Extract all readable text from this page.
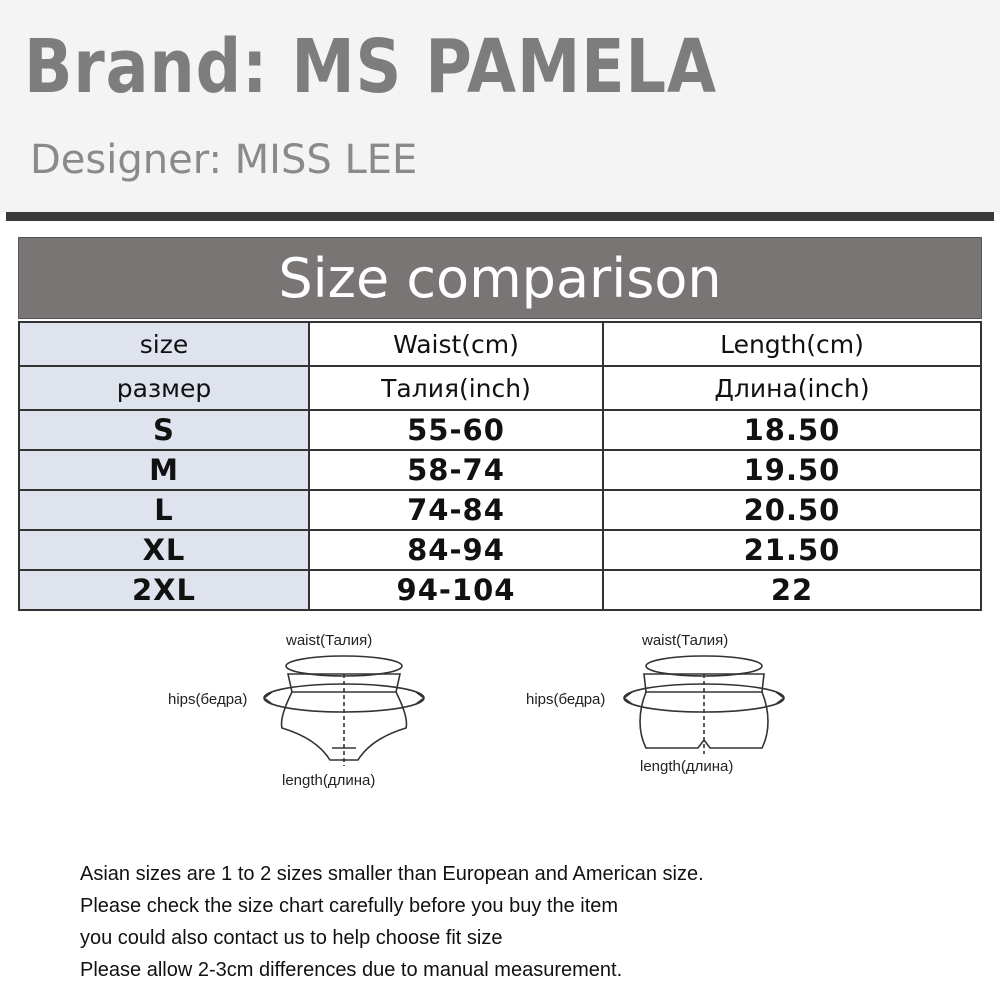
Brand: MS PAMELA
Designer: MISS LEE
Size comparison
size	Waist(cm)	Length(cm)
размер	Талия(inch)	Длина(inch)
S	55-60	18.50
M	58-74	19.50
L	74-84	20.50
XL	84-94	21.50
2XL	94-104	22
waist(Талия)
hips(бедра)
length(длина)
waist(Талия)
hips(бедра)
length(длина)
Asian sizes are 1 to 2 sizes smaller than European and American size.
Please check the size chart carefully before you buy the item
you could also contact us to help choose fit size
Please allow 2-3cm differences due to manual measurement.
